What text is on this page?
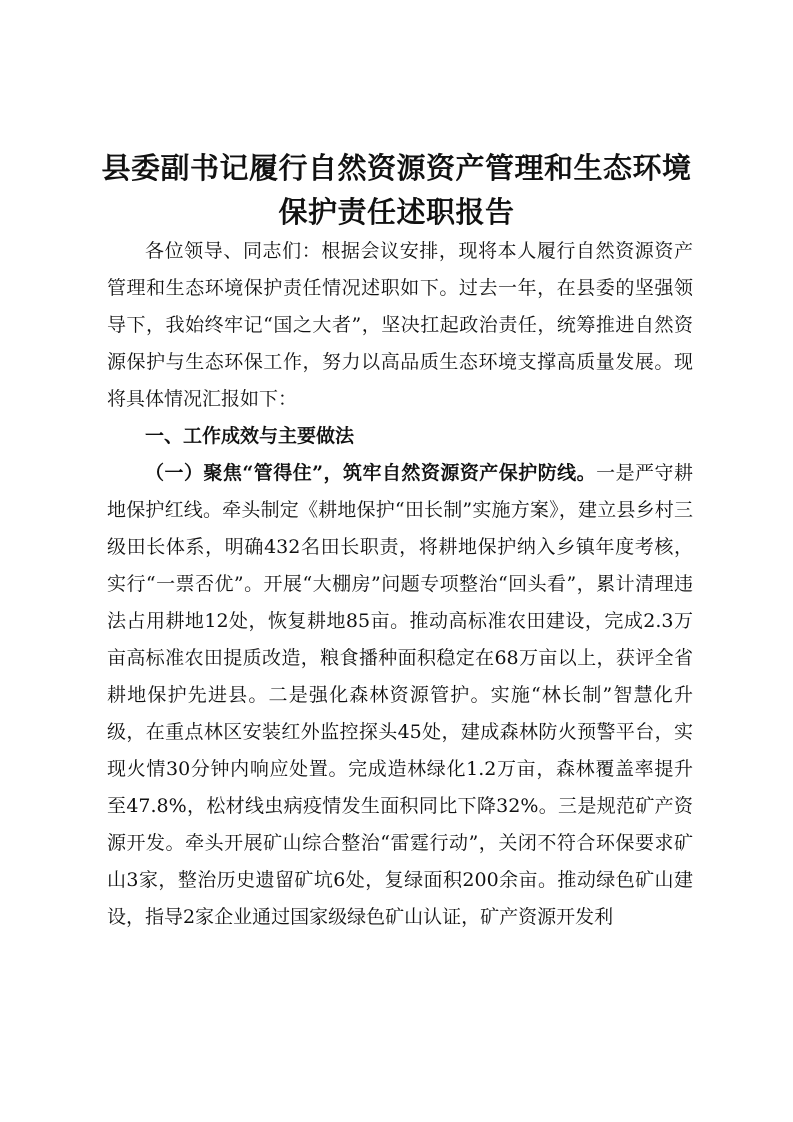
县委副书记履行自然资源资产管理和生态环境
保护责任述职报告

各位领导、同志们：根据会议安排，现将本人履行自然资源资产管理和生态环境保护责任情况述职如下。过去一年，在县委的坚强领导下，我始终牢记“国之大者”，坚决扛起政治责任，统筹推进自然资源保护与生态环保工作，努力以高品质生态环境支撑高质量发展。现将具体情况汇报如下：

一、工作成效与主要做法

（一）聚焦“管得住”，筑牢自然资源资产保护防线。一是严守耕地保护红线。牵头制定《耕地保护“田长制”实施方案》，建立县乡村三级田长体系，明确432名田长职责，将耕地保护纳入乡镇年度考核，实行“一票否优”。开展“大棚房”问题专项整治“回头看”，累计清理违法占用耕地12处，恢复耕地85亩。推动高标准农田建设，完成2.3万亩高标准农田提质改造，粮食播种面积稳定在68万亩以上，获评全省耕地保护先进县。二是强化森林资源管护。实施“林长制”智慧化升级，在重点林区安装红外监控探头45处，建成森林防火预警平台，实现火情30分钟内响应处置。完成造林绿化1.2万亩，森林覆盖率提升至47.8%，松材线虫病疫情发生面积同比下降32%。三是规范矿产资源开发。牵头开展矿山综合整治“雷霆行动”，关闭不符合环保要求矿山3家，整治历史遗留矿坑6处，复绿面积200余亩。推动绿色矿山建设，指导2家企业通过国家级绿色矿山认证，矿产资源开发利
